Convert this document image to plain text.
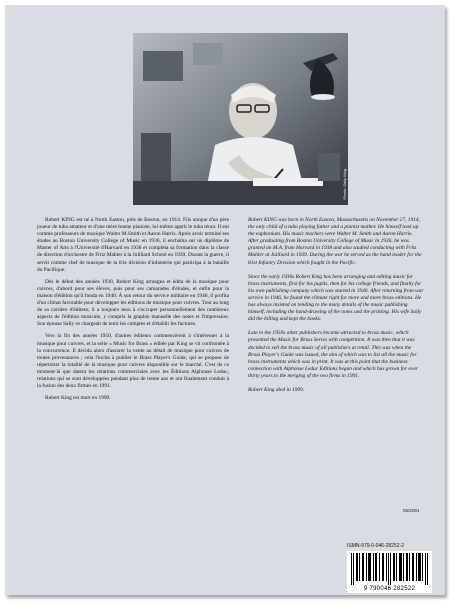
Photo: Sally King

Robert KING est né à North Easton, près de Boston, en 1914. Fils unique d'un père joueur de tuba amateur et d'une mère bonne pianiste, lui-même apprit le tuba ténor. Il eut comme professeurs de musique Walter M.Smith et Aaron Harris. Après avoir terminé ses études au Boston University College of Music en 1936, il enchaîna sur un diplôme de Master of Arts à l'Université d'Harvard en 1938 et compléta sa formation dans la classe de direction d'orchestre de Fritz Mahler à la Juilliard School en 1939. Durant la guerre, il servit comme chef de musique de la 81e division d'infanterie qui participa à la bataille du Pacifique.

Dès le début des années 1930, Robert King arrangea et édita de la musique pour cuivres, d'abord pour ses élèves, puis pour ses camarades d'études, et enfin pour la maison d'édition qu'il fonda en 1940. À son retour du service militaire en 1946, il profita d'un climat favorable pour développer les éditions de musique pour cuivres. Tout au long de sa carrière d'éditeur, il a toujours tenu à s'occuper personnellement des nombreux aspects de l'édition musicale, y compris la graphie manuelle des notes et l'impression. Son épouse Sally se chargeait de tenir les comptes et d'établir les factures.

Vers la fin des années 1950, d'autres éditeurs commencèrent à s'intéresser à la musique pour cuivres, et la série « Music for Brass » éditée par King se vit confrontée à la concurrence. Il décida alors d'assurer la vente au détail de musique pour cuivres de toutes provenances ; cela l'incita à publier le Brass Player's Guide, qui se propose de répertorier la totalité de la musique pour cuivres disponible sur le marché. C'est de ce moment-là que datent les relations commerciales avec les Éditions Alphonse Leduc, relations qui se sont développées pendant plus de trente ans et ont finalement conduit à la fusion des deux firmes en 1991.

Robert King est mort en 1999.

Robert KING was born in North Easton, Massachusetts on November 27, 1914, the only child of a tuba playing father and a pianist mother. He himself took up the euphonium. His music teachers were Walter M. Smith and Aaron Harris. After graduating from Boston University College of Music in 1936, he was granted an M.A. from Harvard in 1938 and also studied conducting with Fritz Mahler at Juilliard in 1939. During the war he served as the band leader for the 81st Infantry Division which fought in the Pacific.

Since the early 1930s Robert King has been arranging and editing music for brass instruments, first for his pupils, then for his college friends, and finally for his own publishing company which was started in 1940. After returning from war service in 1946, he found the climate right for more and more brass editions. He has always insisted on tending to the many details of the music publishing himself, including the hand-drawing of the notes and the printing. His wife Sally did the billing and kept the books.

Late in the 1950s other publishers became attracted to brass music, which presented the Music for Brass Series with competition. It was then that it was decided to sell the brass music of all publishers at retail. This was when the Brass Player's Guide was issued, the aim of which was to list all the music for brass instruments which was in print. It was at this point that the business connection with Alphonse Leduc Editions began and which has grown for over thirty years to the merging of the two firms in 1991.

Robert King died in 1999.

05/2001
ISMN-979-0-046-28252-2
9 790046 282522
